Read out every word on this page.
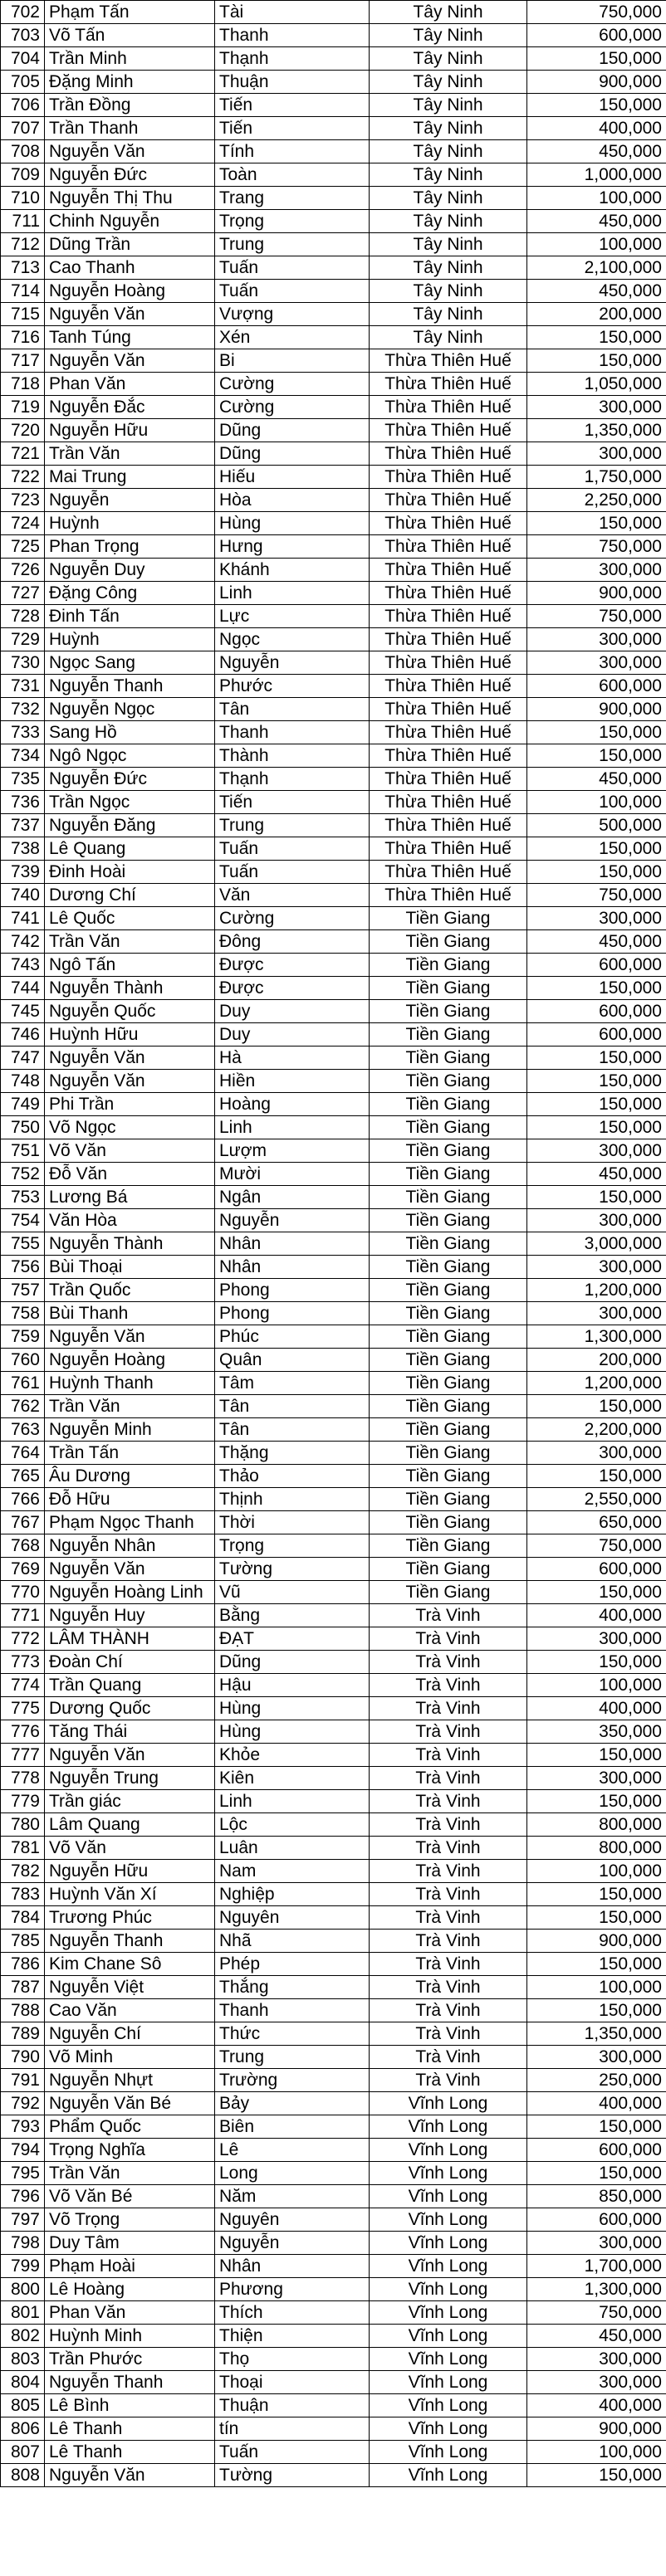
702	Phạm Tấn	Tài	Tây Ninh	750,000
703	Võ Tấn	Thanh	Tây Ninh	600,000
704	Trần Minh	Thạnh	Tây Ninh	150,000
705	Đặng Minh	Thuận	Tây Ninh	900,000
706	Trần Đồng	Tiến	Tây Ninh	150,000
707	Trần Thanh	Tiến	Tây Ninh	400,000
708	Nguyễn Văn	Tính	Tây Ninh	450,000
709	Nguyễn Đức	Toàn	Tây Ninh	1,000,000
710	Nguyễn Thị Thu	Trang	Tây Ninh	100,000
711	Chinh Nguyễn	Trọng	Tây Ninh	450,000
712	Dũng Trần	Trung	Tây Ninh	100,000
713	Cao Thanh	Tuấn	Tây Ninh	2,100,000
714	Nguyễn Hoàng	Tuấn	Tây Ninh	450,000
715	Nguyễn Văn	Vượng	Tây Ninh	200,000
716	Tanh Túng	Xén	Tây Ninh	150,000
717	Nguyễn Văn	Bi	Thừa Thiên Huế	150,000
718	Phan Văn	Cường	Thừa Thiên Huế	1,050,000
719	Nguyễn Đắc	Cường	Thừa Thiên Huế	300,000
720	Nguyễn Hữu	Dũng	Thừa Thiên Huế	1,350,000
721	Trần Văn	Dũng	Thừa Thiên Huế	300,000
722	Mai Trung	Hiếu	Thừa Thiên Huế	1,750,000
723	Nguyễn	Hòa	Thừa Thiên Huế	2,250,000
724	Huỳnh	Hùng	Thừa Thiên Huế	150,000
725	Phan Trọng	Hưng	Thừa Thiên Huế	750,000
726	Nguyễn Duy	Khánh	Thừa Thiên Huế	300,000
727	Đặng Công	Linh	Thừa Thiên Huế	900,000
728	Đinh Tấn	Lực	Thừa Thiên Huế	750,000
729	Huỳnh	Ngọc	Thừa Thiên Huế	300,000
730	Ngọc Sang	Nguyễn	Thừa Thiên Huế	300,000
731	Nguyễn Thanh	Phước	Thừa Thiên Huế	600,000
732	Nguyễn Ngọc	Tân	Thừa Thiên Huế	900,000
733	Sang Hồ	Thanh	Thừa Thiên Huế	150,000
734	Ngô Ngọc	Thành	Thừa Thiên Huế	150,000
735	Nguyễn Đức	Thạnh	Thừa Thiên Huế	450,000
736	Trần Ngọc	Tiến	Thừa Thiên Huế	100,000
737	Nguyễn Đăng	Trung	Thừa Thiên Huế	500,000
738	Lê Quang	Tuấn	Thừa Thiên Huế	150,000
739	Đinh Hoài	Tuấn	Thừa Thiên Huế	150,000
740	Dương Chí	Văn	Thừa Thiên Huế	750,000
741	Lê Quốc	Cường	Tiền Giang	300,000
742	Trần Văn	Đông	Tiền Giang	450,000
743	Ngô Tấn	Được	Tiền Giang	600,000
744	Nguyễn Thành	Được	Tiền Giang	150,000
745	Nguyễn Quốc	Duy	Tiền Giang	600,000
746	Huỳnh Hữu	Duy	Tiền Giang	600,000
747	Nguyễn Văn	Hà	Tiền Giang	150,000
748	Nguyễn Văn	Hiền	Tiền Giang	150,000
749	Phi Trần	Hoàng	Tiền Giang	150,000
750	Võ Ngọc	Linh	Tiền Giang	150,000
751	Võ Văn	Lượm	Tiền Giang	300,000
752	Đỗ Văn	Mười	Tiền Giang	450,000
753	Lương Bá	Ngân	Tiền Giang	150,000
754	Văn Hòa	Nguyễn	Tiền Giang	300,000
755	Nguyễn Thành	Nhân	Tiền Giang	3,000,000
756	Bùi Thoại	Nhân	Tiền Giang	300,000
757	Trần Quốc	Phong	Tiền Giang	1,200,000
758	Bùi Thanh	Phong	Tiền Giang	300,000
759	Nguyễn Văn	Phúc	Tiền Giang	1,300,000
760	Nguyễn Hoàng	Quân	Tiền Giang	200,000
761	Huỳnh Thanh	Tâm	Tiền Giang	1,200,000
762	Trần Văn	Tân	Tiền Giang	150,000
763	Nguyễn Minh	Tân	Tiền Giang	2,200,000
764	Trần Tấn	Thặng	Tiền Giang	300,000
765	Âu Dương	Thảo	Tiền Giang	150,000
766	Đỗ Hữu	Thịnh	Tiền Giang	2,550,000
767	Phạm Ngọc Thanh	Thời	Tiền Giang	650,000
768	Nguyễn Nhân	Trọng	Tiền Giang	750,000
769	Nguyễn Văn	Tường	Tiền Giang	600,000
770	Nguyễn Hoàng Linh	Vũ	Tiền Giang	150,000
771	Nguyễn Huy	Bằng	Trà Vinh	400,000
772	LÂM THÀNH	ĐẠT	Trà Vinh	300,000
773	Đoàn Chí	Dũng	Trà Vinh	150,000
774	Trần Quang	Hậu	Trà Vinh	100,000
775	Dương Quốc	Hùng	Trà Vinh	400,000
776	Tăng Thái	Hùng	Trà Vinh	350,000
777	Nguyễn Văn	Khỏe	Trà Vinh	150,000
778	Nguyễn Trung	Kiên	Trà Vinh	300,000
779	Trần giác	Linh	Trà Vinh	150,000
780	Lâm Quang	Lộc	Trà Vinh	800,000
781	Võ Văn	Luân	Trà Vinh	800,000
782	Nguyễn Hữu	Nam	Trà Vinh	100,000
783	Huỳnh Văn Xí	Nghiệp	Trà Vinh	150,000
784	Trương Phúc	Nguyên	Trà Vinh	150,000
785	Nguyễn Thanh	Nhã	Trà Vinh	900,000
786	Kim Chane Sô	Phép	Trà Vinh	150,000
787	Nguyễn Việt	Thắng	Trà Vinh	100,000
788	Cao Văn	Thanh	Trà Vinh	150,000
789	Nguyễn Chí	Thức	Trà Vinh	1,350,000
790	Võ Minh	Trung	Trà Vinh	300,000
791	Nguyễn Nhựt	Trường	Trà Vinh	250,000
792	Nguyễn Văn Bé	Bảy	Vĩnh Long	400,000
793	Phẩm Quốc	Biên	Vĩnh Long	150,000
794	Trọng Nghĩa	Lê	Vĩnh Long	600,000
795	Trần Văn	Long	Vĩnh Long	150,000
796	Võ Văn Bé	Năm	Vĩnh Long	850,000
797	Võ Trọng	Nguyên	Vĩnh Long	600,000
798	Duy Tâm	Nguyễn	Vĩnh Long	300,000
799	Phạm Hoài	Nhân	Vĩnh Long	1,700,000
800	Lê Hoàng	Phương	Vĩnh Long	1,300,000
801	Phan Văn	Thích	Vĩnh Long	750,000
802	Huỳnh Minh	Thiện	Vĩnh Long	450,000
803	Trần Phước	Thọ	Vĩnh Long	300,000
804	Nguyễn Thanh	Thoại	Vĩnh Long	300,000
805	Lê Bình	Thuận	Vĩnh Long	400,000
806	Lê Thanh	tín	Vĩnh Long	900,000
807	Lê Thanh	Tuấn	Vĩnh Long	100,000
808	Nguyễn Văn	Tường	Vĩnh Long	150,000
